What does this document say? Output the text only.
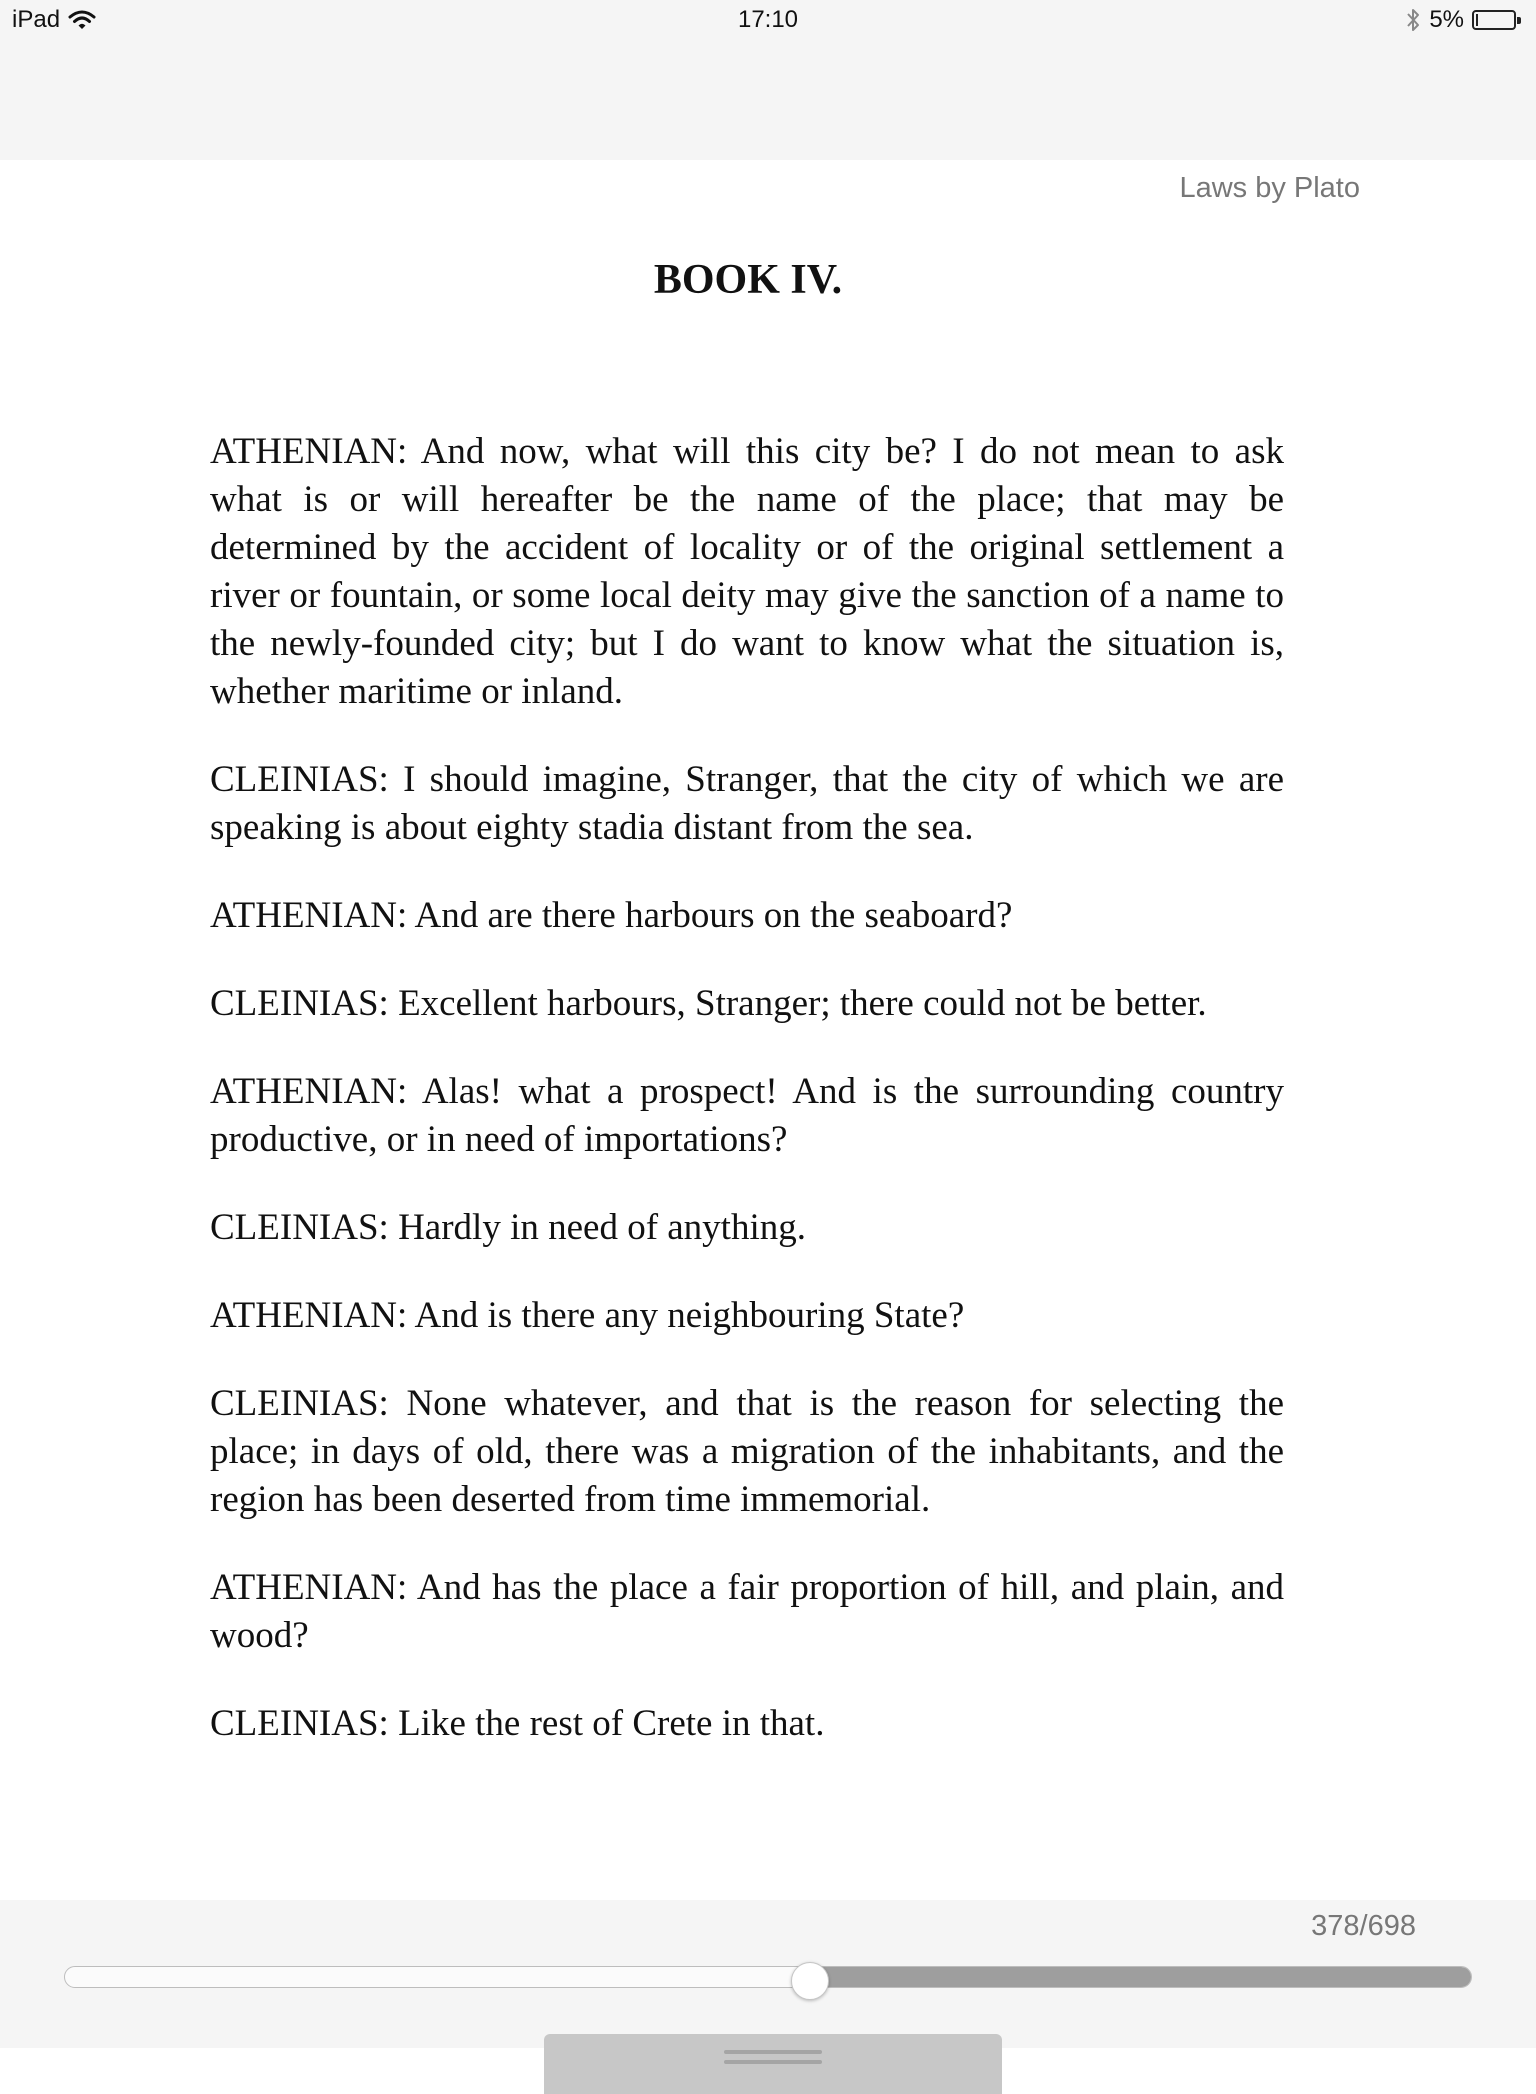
iPad	17:10	5%
Laws by Plato
BOOK IV.

ATHENIAN: And now, what will this city be? I do not mean to ask what is or will hereafter be the name of the place; that may be determined by the accident of locality or of the original settlement a river or fountain, or some local deity may give the sanction of a name to the newly-founded city; but I do want to know what the situation is, whether maritime or inland.

CLEINIAS: I should imagine, Stranger, that the city of which we are speaking is about eighty stadia distant from the sea.

ATHENIAN: And are there harbours on the seaboard?

CLEINIAS: Excellent harbours, Stranger; there could not be better.

ATHENIAN: Alas! what a prospect! And is the surrounding country productive, or in need of importations?

CLEINIAS: Hardly in need of anything.

ATHENIAN: And is there any neighbouring State?

CLEINIAS: None whatever, and that is the reason for selecting the place; in days of old, there was a migration of the inhabitants, and the region has been deserted from time immemorial.

ATHENIAN: And has the place a fair proportion of hill, and plain, and wood?

CLEINIAS: Like the rest of Crete in that.

378/698
